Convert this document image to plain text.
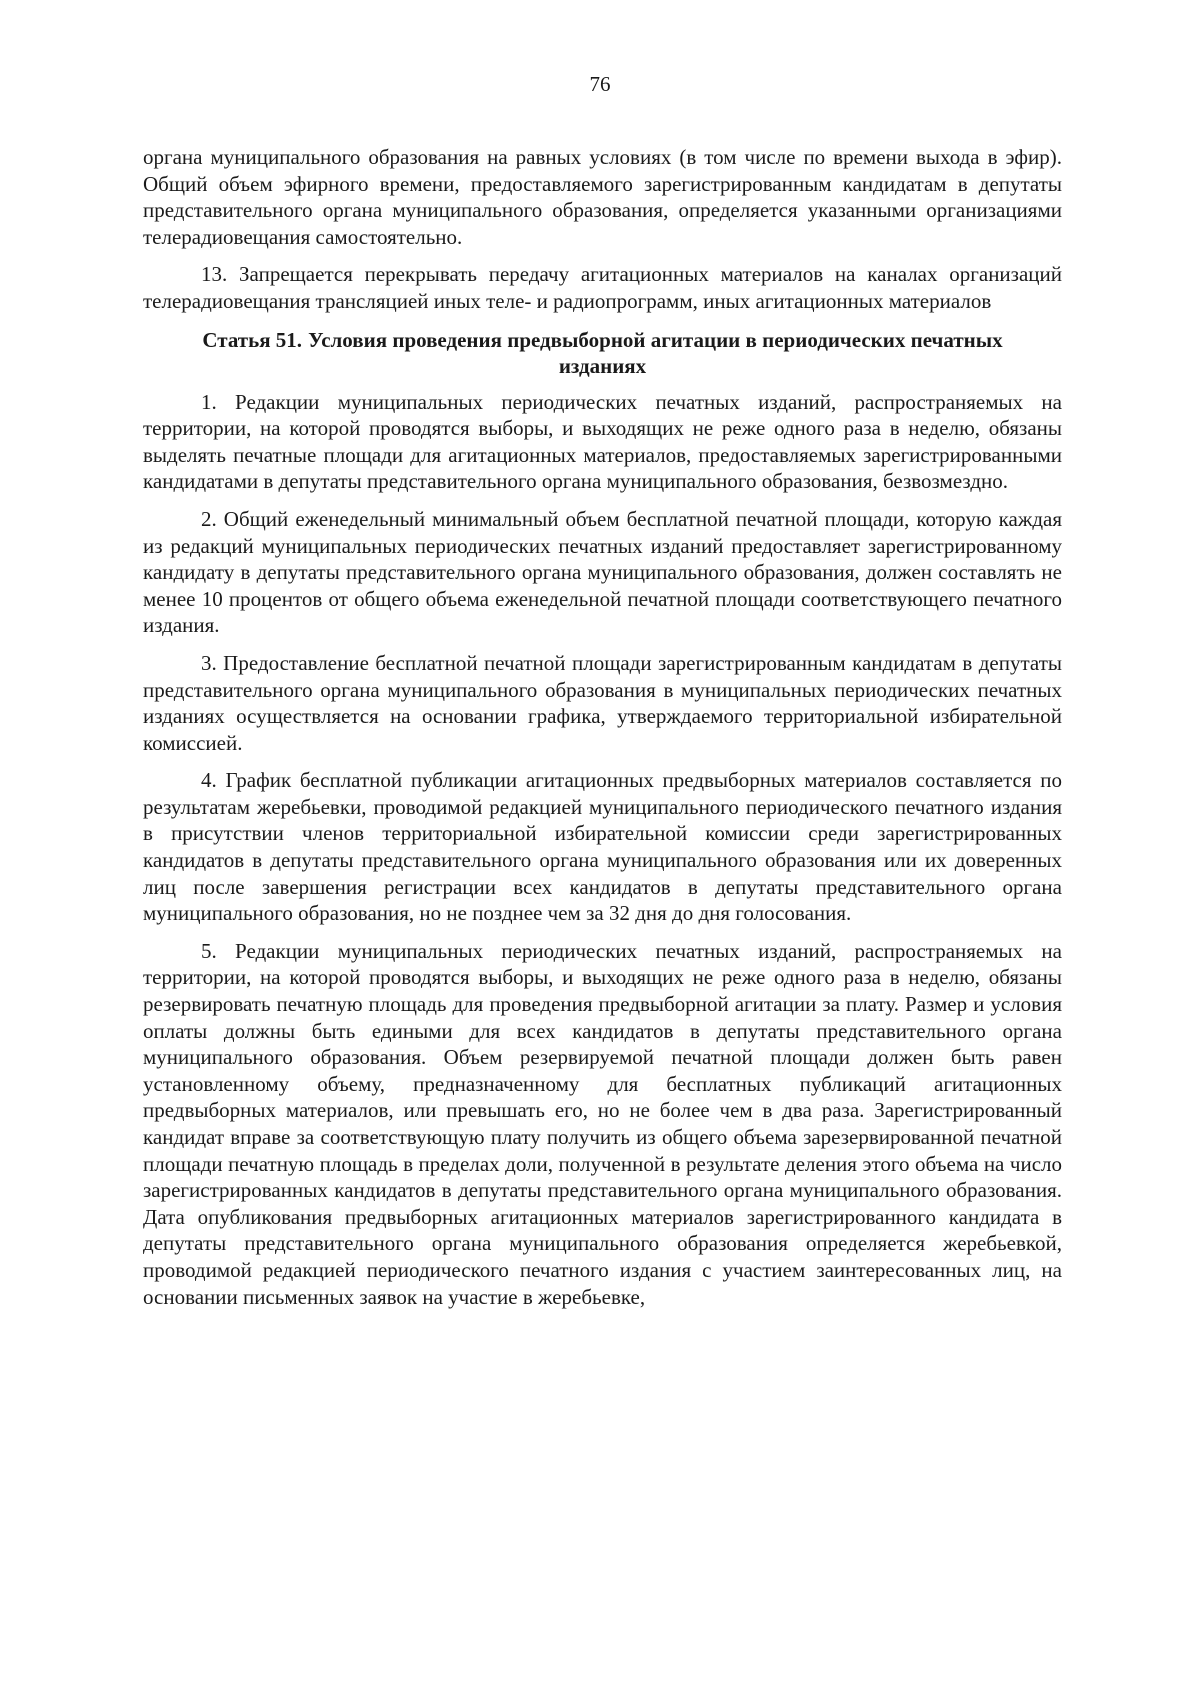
76

органа муниципального образования на равных условиях (в том числе по времени выхода в эфир). Общий объем эфирного времени, предоставляемого зарегистрированным кандидатам в депутаты представительного органа муниципального образования, определяется указанными организациями телерадиовещания самостоятельно.

13. Запрещается перекрывать передачу агитационных материалов на каналах организаций телерадиовещания трансляцией иных теле- и радиопрограмм, иных агитационных материалов

Статья 51. Условия проведения предвыборной агитации в периодических печатных изданиях

1. Редакции муниципальных периодических печатных изданий, распространяемых на территории, на которой проводятся выборы, и выходящих не реже одного раза в неделю, обязаны выделять печатные площади для агитационных материалов, предоставляемых зарегистрированными кандидатами в депутаты представительного органа муниципального образования, безвозмездно.

2. Общий еженедельный минимальный объем бесплатной печатной площади, которую каждая из редакций муниципальных периодических печатных изданий предоставляет зарегистрированному кандидату в депутаты представительного органа муниципального образования, должен составлять не менее 10 процентов от общего объема еженедельной печатной площади соответствующего печатного издания.

3. Предоставление бесплатной печатной площади зарегистрированным кандидатам в депутаты представительного органа муниципального образования в муниципальных периодических печатных изданиях осуществляется на основании графика, утверждаемого территориальной избирательной комиссией.

4. График бесплатной публикации агитационных предвыборных материалов составляется по результатам жеребьевки, проводимой редакцией муниципального периодического печатного издания в присутствии членов территориальной избирательной комиссии среди зарегистрированных кандидатов в депутаты представительного органа муниципального образования или их доверенных лиц после завершения регистрации всех кандидатов в депутаты представительного органа муниципального образования, но не позднее чем за 32 дня до дня голосования.

5. Редакции муниципальных периодических печатных изданий, распространяемых на территории, на которой проводятся выборы, и выходящих не реже одного раза в неделю, обязаны резервировать печатную площадь для проведения предвыборной агитации за плату. Размер и условия оплаты должны быть едиными для всех кандидатов в депутаты представительного органа муниципального образования. Объем резервируемой печатной площади должен быть равен установленному объему, предназначенному для бесплатных публикаций агитационных предвыборных материалов, или превышать его, но не более чем в два раза. Зарегистрированный кандидат вправе за соответствующую плату получить из общего объема зарезервированной печатной площади печатную площадь в пределах доли, полученной в результате деления этого объема на число зарегистрированных кандидатов в депутаты представительного органа муниципального образования. Дата опубликования предвыборных агитационных материалов зарегистрированного кандидата в депутаты представительного органа муниципального образования определяется жеребьевкой, проводимой редакцией периодического печатного издания с участием заинтересованных лиц, на основании письменных заявок на участие в жеребьевке,
